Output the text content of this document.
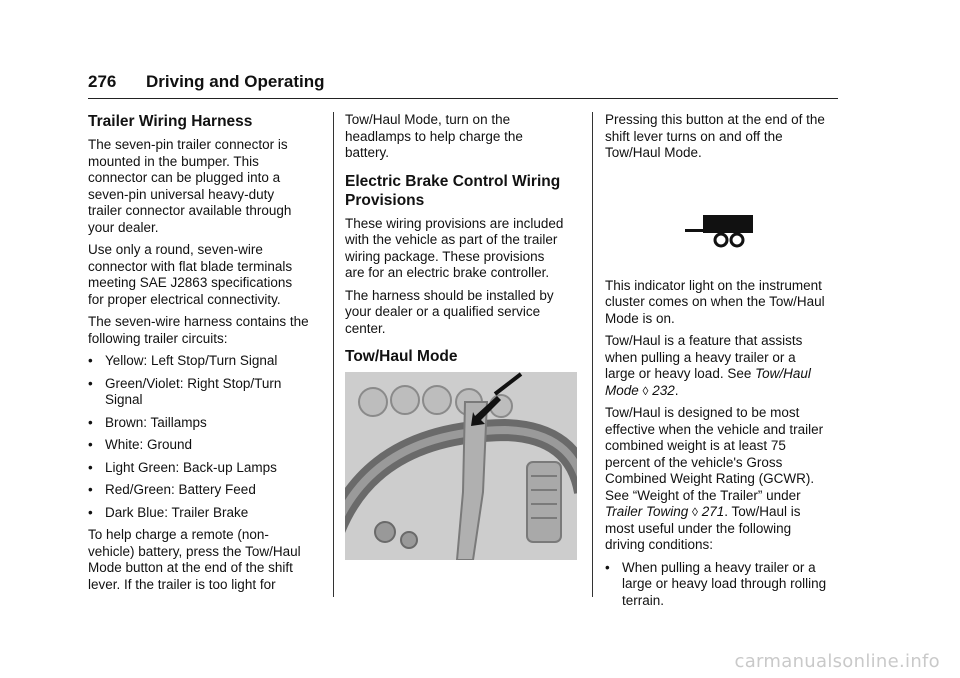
276 Driving and Operating
Trailer Wiring Harness

The seven-pin trailer connector is mounted in the bumper. This connector can be plugged into a seven-pin universal heavy-duty trailer connector available through your dealer.

Use only a round, seven-wire connector with flat blade terminals meeting SAE J2863 specifications for proper electrical connectivity.

The seven-wire harness contains the following trailer circuits:

• Yellow: Left Stop/Turn Signal
• Green/Violet: Right Stop/Turn Signal
• Brown: Taillamps
• White: Ground
• Light Green: Back-up Lamps
• Red/Green: Battery Feed
• Dark Blue: Trailer Brake

To help charge a remote (non-vehicle) battery, press the Tow/Haul Mode button at the end of the shift lever. If the trailer is too light for

Tow/Haul Mode, turn on the headlamps to help charge the battery.

Electric Brake Control Wiring Provisions

These wiring provisions are included with the vehicle as part of the trailer wiring package. These provisions are for an electric brake controller.

The harness should be installed by your dealer or a qualified service center.

Tow/Haul Mode

Pressing this button at the end of the shift lever turns on and off the Tow/Haul Mode.

This indicator light on the instrument cluster comes on when the Tow/Haul Mode is on.

Tow/Haul is a feature that assists when pulling a heavy trailer or a large or heavy load. See Tow/Haul Mode ◊ 232.

Tow/Haul is designed to be most effective when the vehicle and trailer combined weight is at least 75 percent of the vehicle's Gross Combined Weight Rating (GCWR). See “Weight of the Trailer” under Trailer Towing ◊ 271. Tow/Haul is most useful under the following driving conditions:

• When pulling a heavy trailer or a large or heavy load through rolling terrain.
carmanualsonline.info
